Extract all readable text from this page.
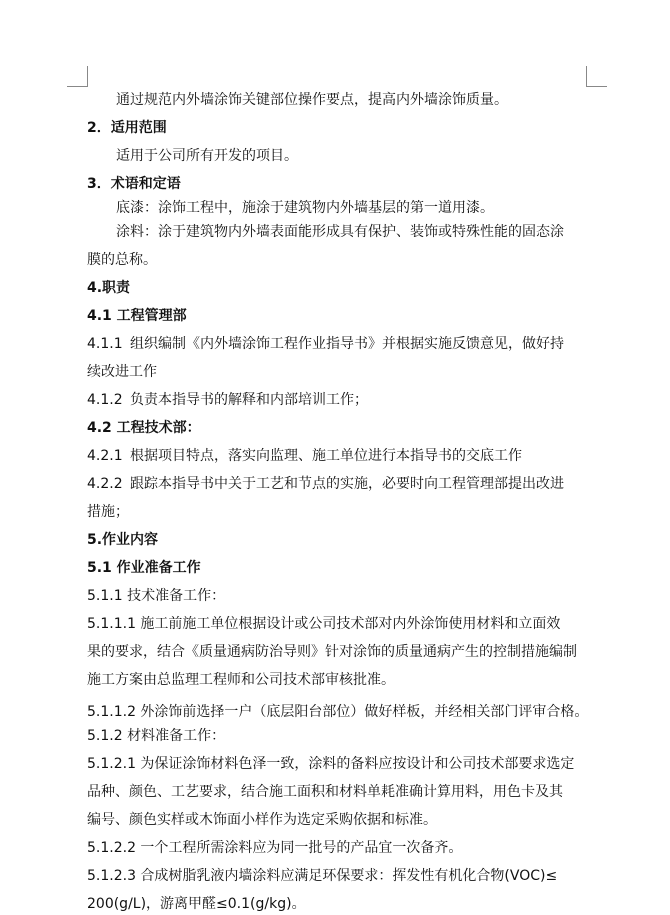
通过规范内外墙涂饰关键部位操作要点，提高内外墙涂饰质量。
2．适用范围
适用于公司所有开发的项目。
3．术语和定语
底漆：涂饰工程中，施涂于建筑物内外墙基层的第一道用漆。
涂料：涂于建筑物内外墙表面能形成具有保护、装饰或特殊性能的固态涂
膜的总称。
4.职责
4.1 工程管理部
4.1.1 组织编制《内外墙涂饰工程作业指导书》并根据实施反馈意见，做好持
续改进工作
4.1.2 负责本指导书的解释和内部培训工作；
4.2 工程技术部：
4.2.1 根据项目特点，落实向监理、施工单位进行本指导书的交底工作
4.2.2 跟踪本指导书中关于工艺和节点的实施，必要时向工程管理部提出改进
措施；
5.作业内容
5.1 作业准备工作
5.1.1 技术准备工作：
5.1.1.1 施工前施工单位根据设计或公司技术部对内外涂饰使用材料和立面效
果的要求，结合《质量通病防治导则》针对涂饰的质量通病产生的控制措施编制
施工方案由总监理工程师和公司技术部审核批准。
5.1.1.2 外涂饰前选择一户（底层阳台部位）做好样板，并经相关部门评审合格。
5.1.2 材料准备工作：
5.1.2.1 为保证涂饰材料色泽一致，涂料的备料应按设计和公司技术部要求选定
品种、颜色、工艺要求，结合施工面积和材料单耗准确计算用料，用色卡及其
编号、颜色实样或木饰面小样作为选定采购依据和标准。
5.1.2.2 一个工程所需涂料应为同一批号的产品宜一次备齐。
5.1.2.3 合成树脂乳液内墙涂料应满足环保要求：挥发性有机化合物(VOC)≤
200(g/L)，游离甲醛≤0.1(g/kg)。
